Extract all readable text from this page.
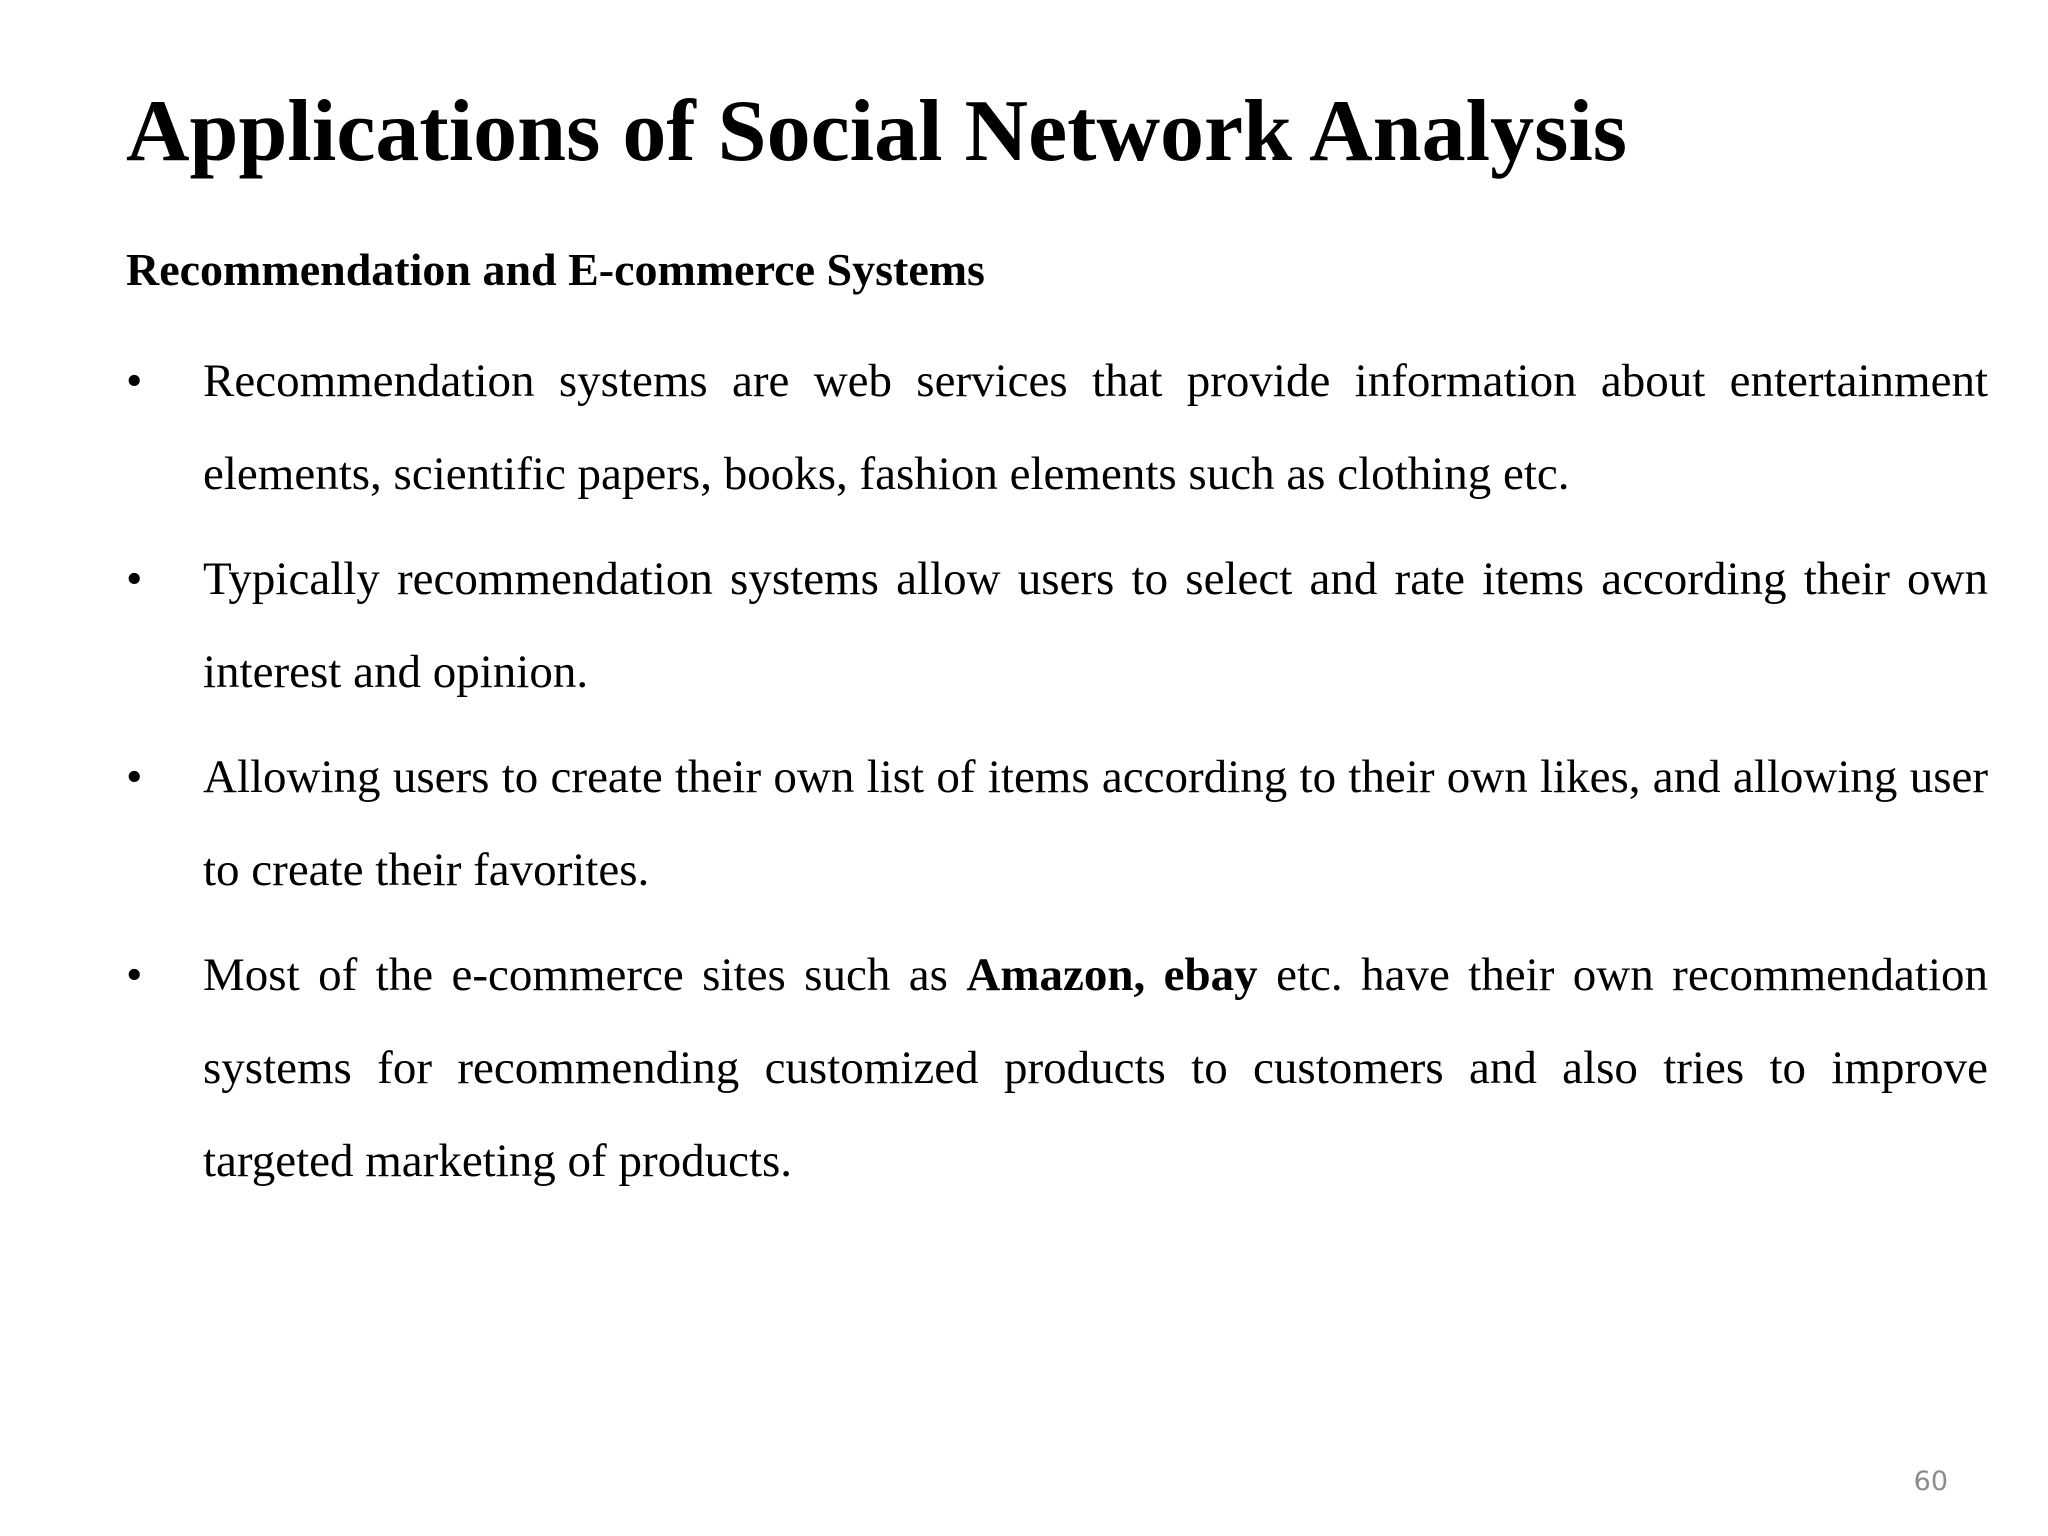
Applications of Social Network Analysis
Recommendation and E-commerce Systems
•	Recommendation systems are web services that provide information about entertainment elements, scientific papers, books, fashion elements such as clothing etc.
•	Typically recommendation systems allow users to select and rate items according their own interest and opinion.
•	Allowing users to create their own list of items according to their own likes, and allowing user to create their favorites.
•	Most of the e-commerce sites such as Amazon, ebay etc. have their own recommendation systems for recommending customized products to customers and also tries to improve targeted marketing of products.
60
